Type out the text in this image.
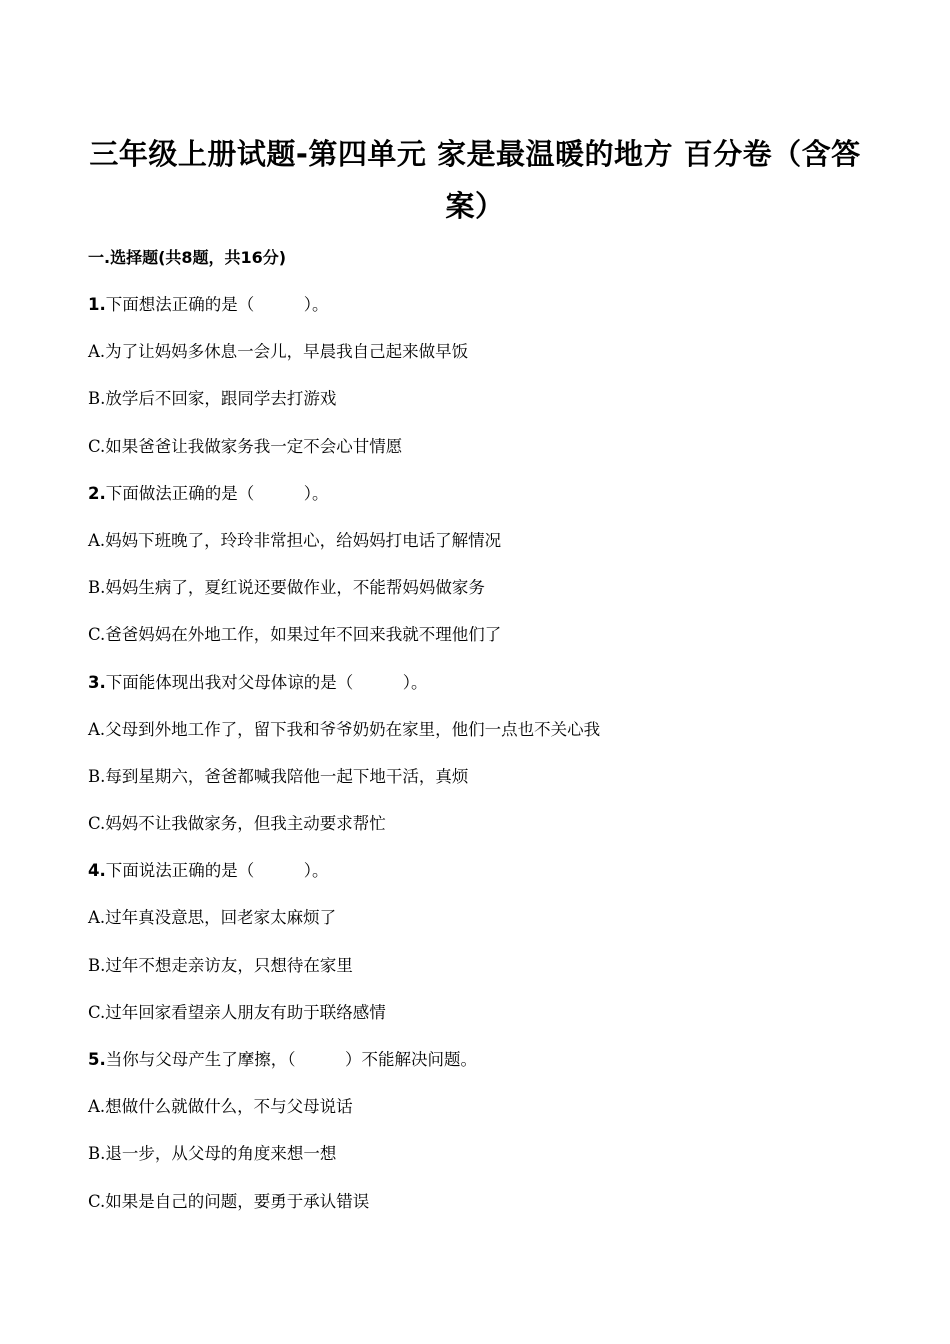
三年级上册试题-第四单元 家是最温暖的地方 百分卷（含答
案）
一.选择题(共8题，共16分)
1.下面想法正确的是（　　　）。
A.为了让妈妈多休息一会儿，早晨我自己起来做早饭
B.放学后不回家，跟同学去打游戏
C.如果爸爸让我做家务我一定不会心甘情愿
2.下面做法正确的是（　　　）。
A.妈妈下班晚了，玲玲非常担心，给妈妈打电话了解情况
B.妈妈生病了，夏红说还要做作业，不能帮妈妈做家务
C.爸爸妈妈在外地工作，如果过年不回来我就不理他们了
3.下面能体现出我对父母体谅的是（　　　）。
A.父母到外地工作了，留下我和爷爷奶奶在家里，他们一点也不关心我
B.每到星期六，爸爸都喊我陪他一起下地干活，真烦
C.妈妈不让我做家务，但我主动要求帮忙
4.下面说法正确的是（　　　）。
A.过年真没意思，回老家太麻烦了
B.过年不想走亲访友，只想待在家里
C.过年回家看望亲人朋友有助于联络感情
5.当你与父母产生了摩擦，（　　　）不能解决问题。
A.想做什么就做什么，不与父母说话
B.退一步，从父母的角度来想一想
C.如果是自己的问题，要勇于承认错误
